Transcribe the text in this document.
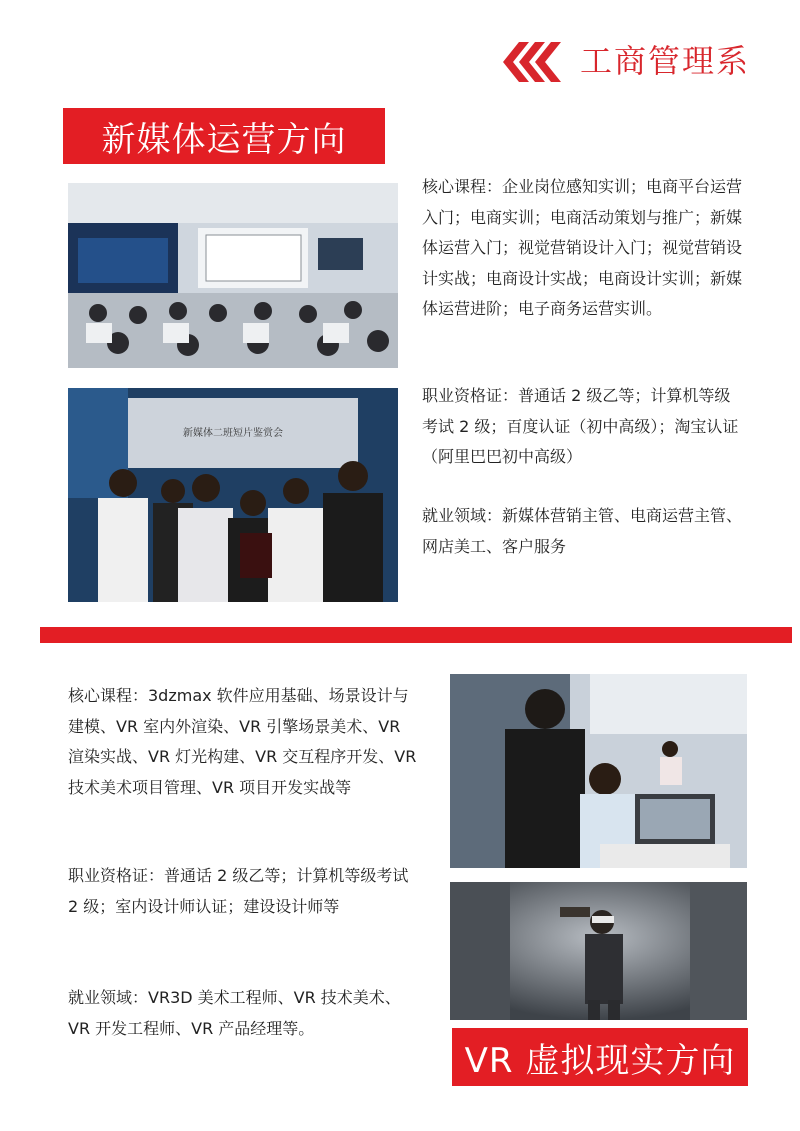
工商管理系
新媒体运营方向
新媒体二班短片鉴赏会
核心课程：企业岗位感知实训；电商平台运营入门；电商实训；电商活动策划与推广；新媒体运营入门；视觉营销设计入门；视觉营销设计实战；电商设计实战；电商设计实训；新媒体运营进阶；电子商务运营实训。
职业资格证：普通话 2 级乙等；计算机等级考试 2 级；百度认证（初中高级）；淘宝认证（阿里巴巴初中高级）
就业领域：新媒体营销主管、电商运营主管、网店美工、客户服务
核心课程：3dzmax 软件应用基础、场景设计与建模、VR 室内外渲染、VR 引擎场景美术、VR 渲染实战、VR 灯光构建、VR 交互程序开发、VR 技术美术项目管理、VR 项目开发实战等
职业资格证：普通话 2 级乙等；计算机等级考试 2 级；室内设计师认证；建设设计师等
就业领域：VR3D 美术工程师、VR 技术美术、VR 开发工程师、VR 产品经理等。
VR 虚拟现实方向
